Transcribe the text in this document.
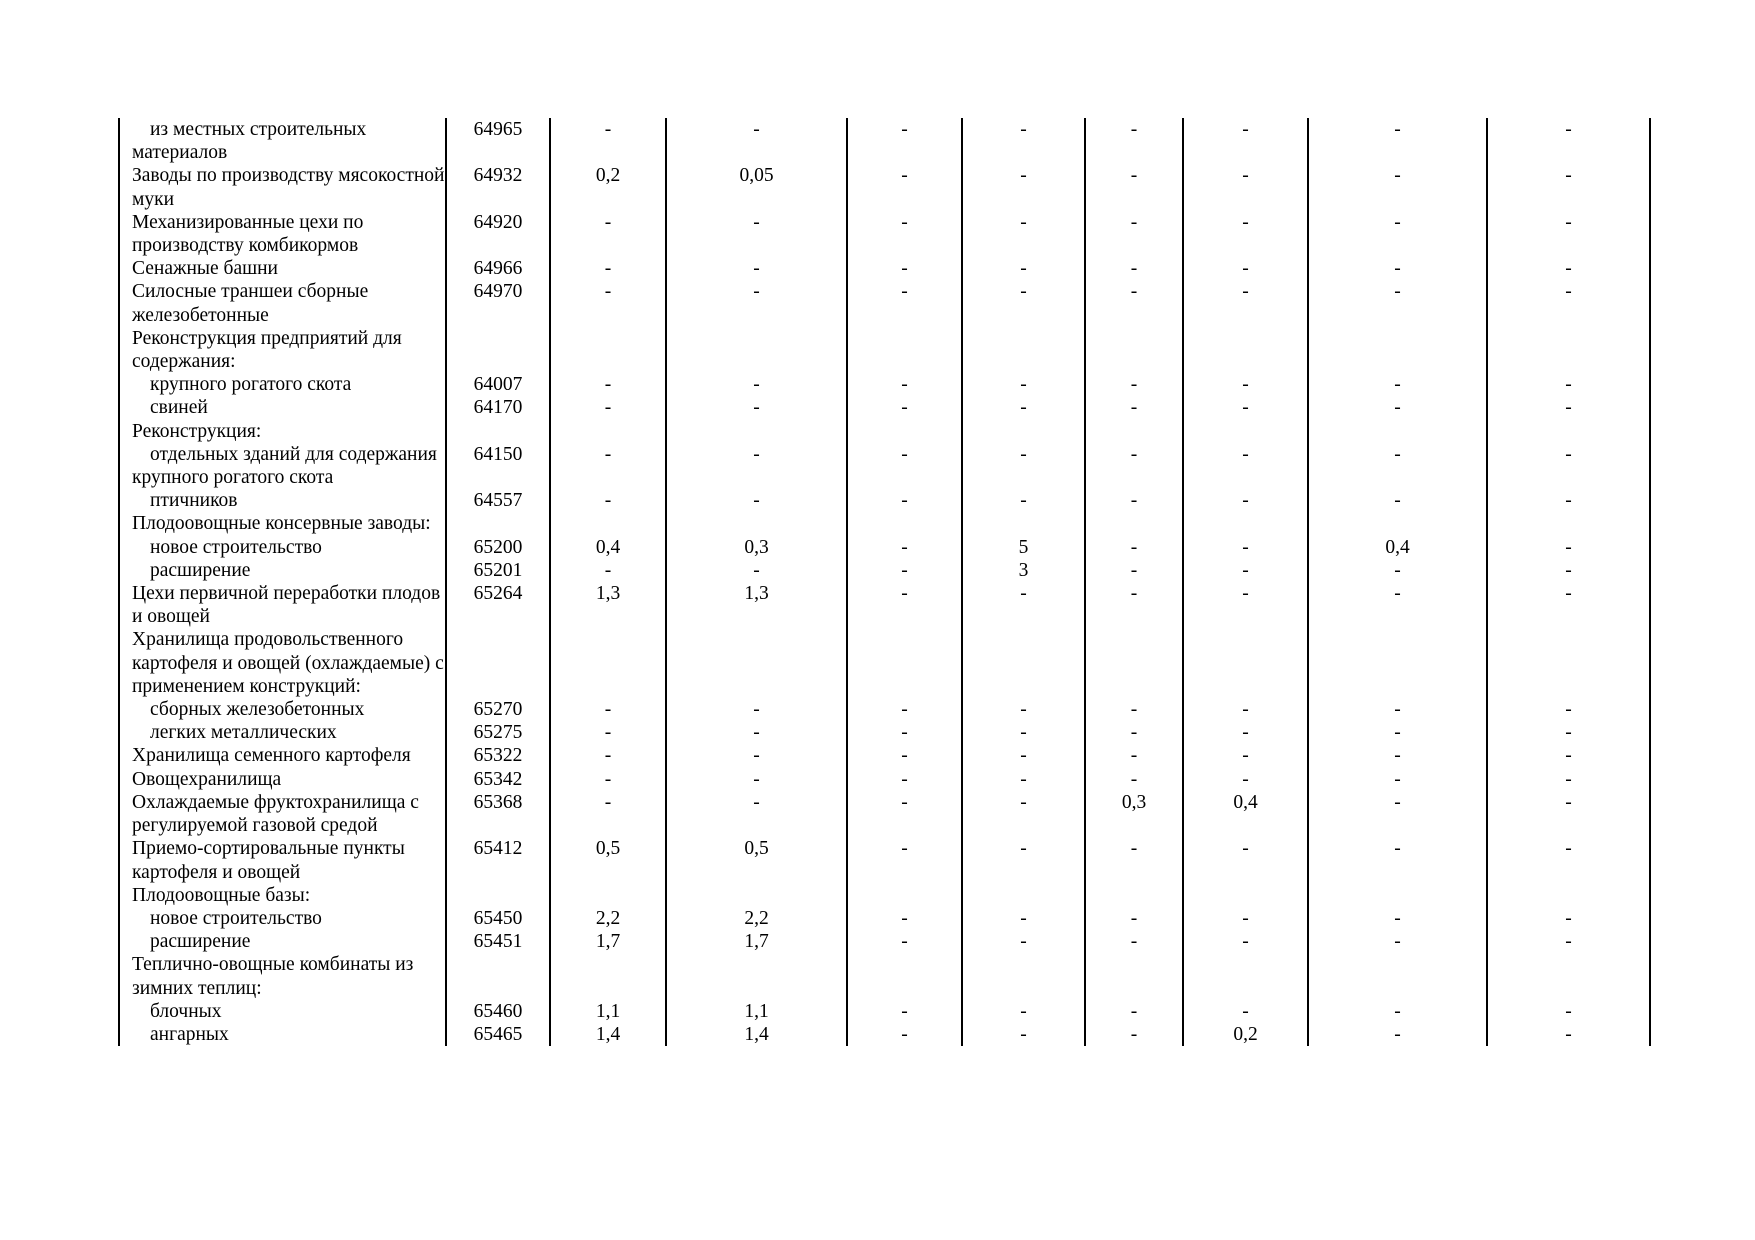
из местных строительных материалов	64965	-	-	-	-	-	-	-	-
Заводы по производству мясокостной муки	64932	0,2	0,05	-	-	-	-	-	-
Механизированные цехи по производству комбикормов	64920	-	-	-	-	-	-	-	-
Сенажные башни	64966	-	-	-	-	-	-	-	-
Силосные траншеи сборные железобетонные	64970	-	-	-	-	-	-	-	-
Реконструкция предприятий для содержания:									
крупного рогатого скота	64007	-	-	-	-	-	-	-	-
свиней	64170	-	-	-	-	-	-	-	-
Реконструкция:									
отдельных зданий для содержания крупного рогатого скота	64150	-	-	-	-	-	-	-	-
птичников	64557	-	-	-	-	-	-	-	-
Плодоовощные консервные заводы:									
новое строительство	65200	0,4	0,3	-	5	-	-	0,4	-
расширение	65201	-	-	-	3	-	-	-	-
Цехи первичной переработки плодов и овощей	65264	1,3	1,3	-	-	-	-	-	-
Хранилища продовольственного картофеля и овощей (охлаждаемые) с применением конструкций:									
сборных железобетонных	65270	-	-	-	-	-	-	-	-
легких металлических	65275	-	-	-	-	-	-	-	-
Хранилища семенного картофеля	65322	-	-	-	-	-	-	-	-
Овощехранилища	65342	-	-	-	-	-	-	-	-
Охлаждаемые фруктохранилища с регулируемой газовой средой	65368	-	-	-	-	0,3	0,4	-	-
Приемо-сортировальные пункты картофеля и овощей	65412	0,5	0,5	-	-	-	-	-	-
Плодоовощные базы:									
новое строительство	65450	2,2	2,2	-	-	-	-	-	-
расширение	65451	1,7	1,7	-	-	-	-	-	-
Теплично-овощные комбинаты из зимних теплиц:									
блочных	65460	1,1	1,1	-	-	-	-	-	-
ангарных	65465	1,4	1,4	-	-	-	0,2	-	-
